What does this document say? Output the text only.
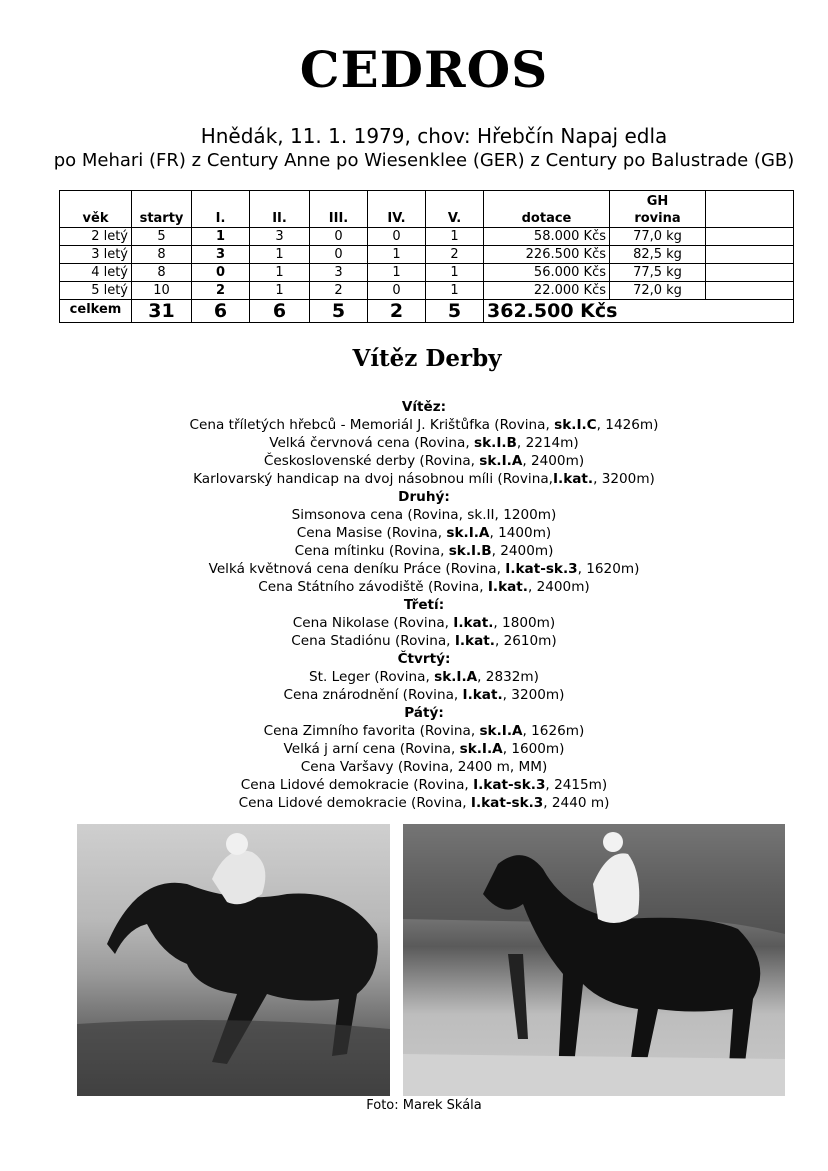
CEDROS
Hnědák, 11. 1. 1979, chov: Hřebčín Napaj edla
po Mehari (FR) z Century Anne po Wiesenklee (GER) z Century po Balustrade (GB)
věk	starty	I.	II.	III.	IV.	V.	dotace	GH
rovina	
2 letý	5	1	3	0	0	1	58.000 Kčs	77,0 kg	
3 letý	8	3	1	0	1	2	226.500 Kčs	82,5 kg	
4 letý	8	0	1	3	1	1	56.000 Kčs	77,5 kg	
5 letý	10	2	1	2	0	1	22.000 Kčs	72,0 kg	
celkem	31	6	6	5	2	5	362.500 Kčs		
Vítěz Derby
Vítěz:
Cena tříletých hřebců - Memoriál J. Krištůfka (Rovina, sk.I.C, 1426m)
Velká červnová cena (Rovina, sk.I.B, 2214m)
Československé derby (Rovina, sk.I.A, 2400m)
Karlovarský handicap na dvoj násobnou míli (Rovina,I.kat., 3200m)
Druhý:
Simsonova cena (Rovina, sk.II, 1200m)
Cena Masise (Rovina, sk.I.A, 1400m)
Cena mítinku (Rovina, sk.I.B, 2400m)
Velká květnová cena deníku Práce (Rovina, I.kat-sk.3, 1620m)
Cena Státního závodiště (Rovina, I.kat., 2400m)
Třetí:
Cena Nikolase (Rovina, I.kat., 1800m)
Cena Stadiónu (Rovina, I.kat., 2610m)
Čtvrtý:
St. Leger (Rovina, sk.I.A, 2832m)
Cena znárodnění (Rovina, I.kat., 3200m)
Pátý:
Cena Zimního favorita (Rovina, sk.I.A, 1626m)
Velká j arní cena (Rovina, sk.I.A, 1600m)
Cena Varšavy (Rovina, 2400 m, MM)
Cena Lidové demokracie (Rovina, I.kat-sk.3, 2415m)
Cena Lidové demokracie (Rovina, I.kat-sk.3, 2440 m)
Foto: Marek Skála
